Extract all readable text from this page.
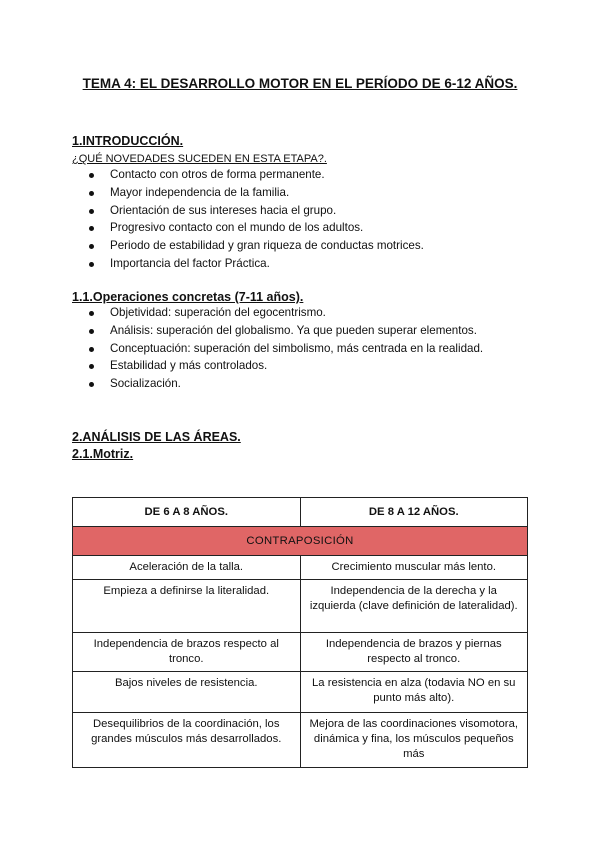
TEMA 4: EL DESARROLLO MOTOR EN EL PERÍODO DE 6-12 AÑOS.
1.INTRODUCCIÓN.
¿QUÉ NOVEDADES SUCEDEN EN ESTA ETAPA?.
Contacto con otros de forma permanente.
Mayor independencia de la familia.
Orientación de sus intereses hacia el grupo.
Progresivo contacto con el mundo de los adultos.
Periodo de estabilidad y gran riqueza de conductas motrices.
Importancia del factor Práctica.
1.1.Operaciones concretas (7-11 años).
Objetividad: superación del egocentrismo.
Análisis: superación del globalismo. Ya que pueden superar elementos.
Conceptuación: superación del simbolismo, más centrada en la realidad.
Estabilidad y más controlados.
Socialización.
2.ANÁLISIS DE LAS ÁREAS.
2.1.Motriz.
DE 6 A 8 AÑOS.	DE 8 A 12 AÑOS.
CONTRAPOSICIÓN	
Aceleración de la talla.	Crecimiento muscular más lento.
Empieza a definirse la literalidad.	Independencia de la derecha y la izquierda (clave definición de lateralidad).
Independencia de brazos respecto al tronco.	Independencia de brazos y piernas respecto al tronco.
Bajos niveles de resistencia.	La resistencia en alza (todavia NO en su punto más alto).
Desequilibrios de la coordinación, los grandes músculos más desarrollados.	Mejora de las coordinaciones visomotora, dinámica y fina, los músculos pequeños más
